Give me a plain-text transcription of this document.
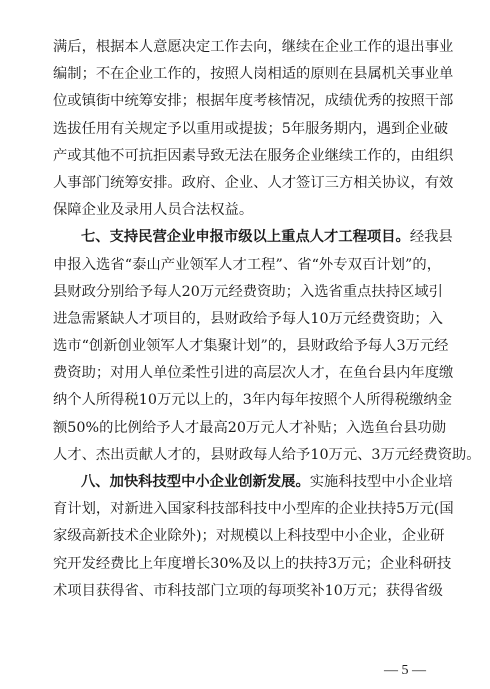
满后，根据本人意愿决定工作去向，继续在企业工作的退出事业
编制；不在企业工作的，按照人岗相适的原则在县属机关事业单
位或镇街中统筹安排；根据年度考核情况，成绩优秀的按照干部
选拔任用有关规定予以重用或提拔；5年服务期内，遇到企业破
产或其他不可抗拒因素导致无法在服务企业继续工作的，由组织
人事部门统筹安排。政府、企业、人才签订三方相关协议，有效
保障企业及录用人员合法权益。
七、支持民营企业申报市级以上重点人才工程项目。经我县
申报入选省“泰山产业领军人才工程”、省“外专双百计划”的，
县财政分别给予每人20万元经费资助；入选省重点扶持区域引
进急需紧缺人才项目的，县财政给予每人10万元经费资助；入
选市“创新创业领军人才集聚计划”的，县财政给予每人3万元经
费资助；对用人单位柔性引进的高层次人才，在鱼台县内年度缴
纳个人所得税10万元以上的，3年内每年按照个人所得税缴纳金
额50%的比例给予人才最高20万元人才补贴；入选鱼台县功勋
人才、杰出贡献人才的，县财政每人给予10万元、3万元经费资助。
八、加快科技型中小企业创新发展。实施科技型中小企业培
育计划，对新进入国家科技部科技中小型库的企业扶持5万元(国
家级高新技术企业除外)；对规模以上科技型中小企业，企业研
究开发经费比上年度增长30%及以上的扶持3万元；企业科研技
术项目获得省、市科技部门立项的每项奖补10万元；获得省级
— 5 —
